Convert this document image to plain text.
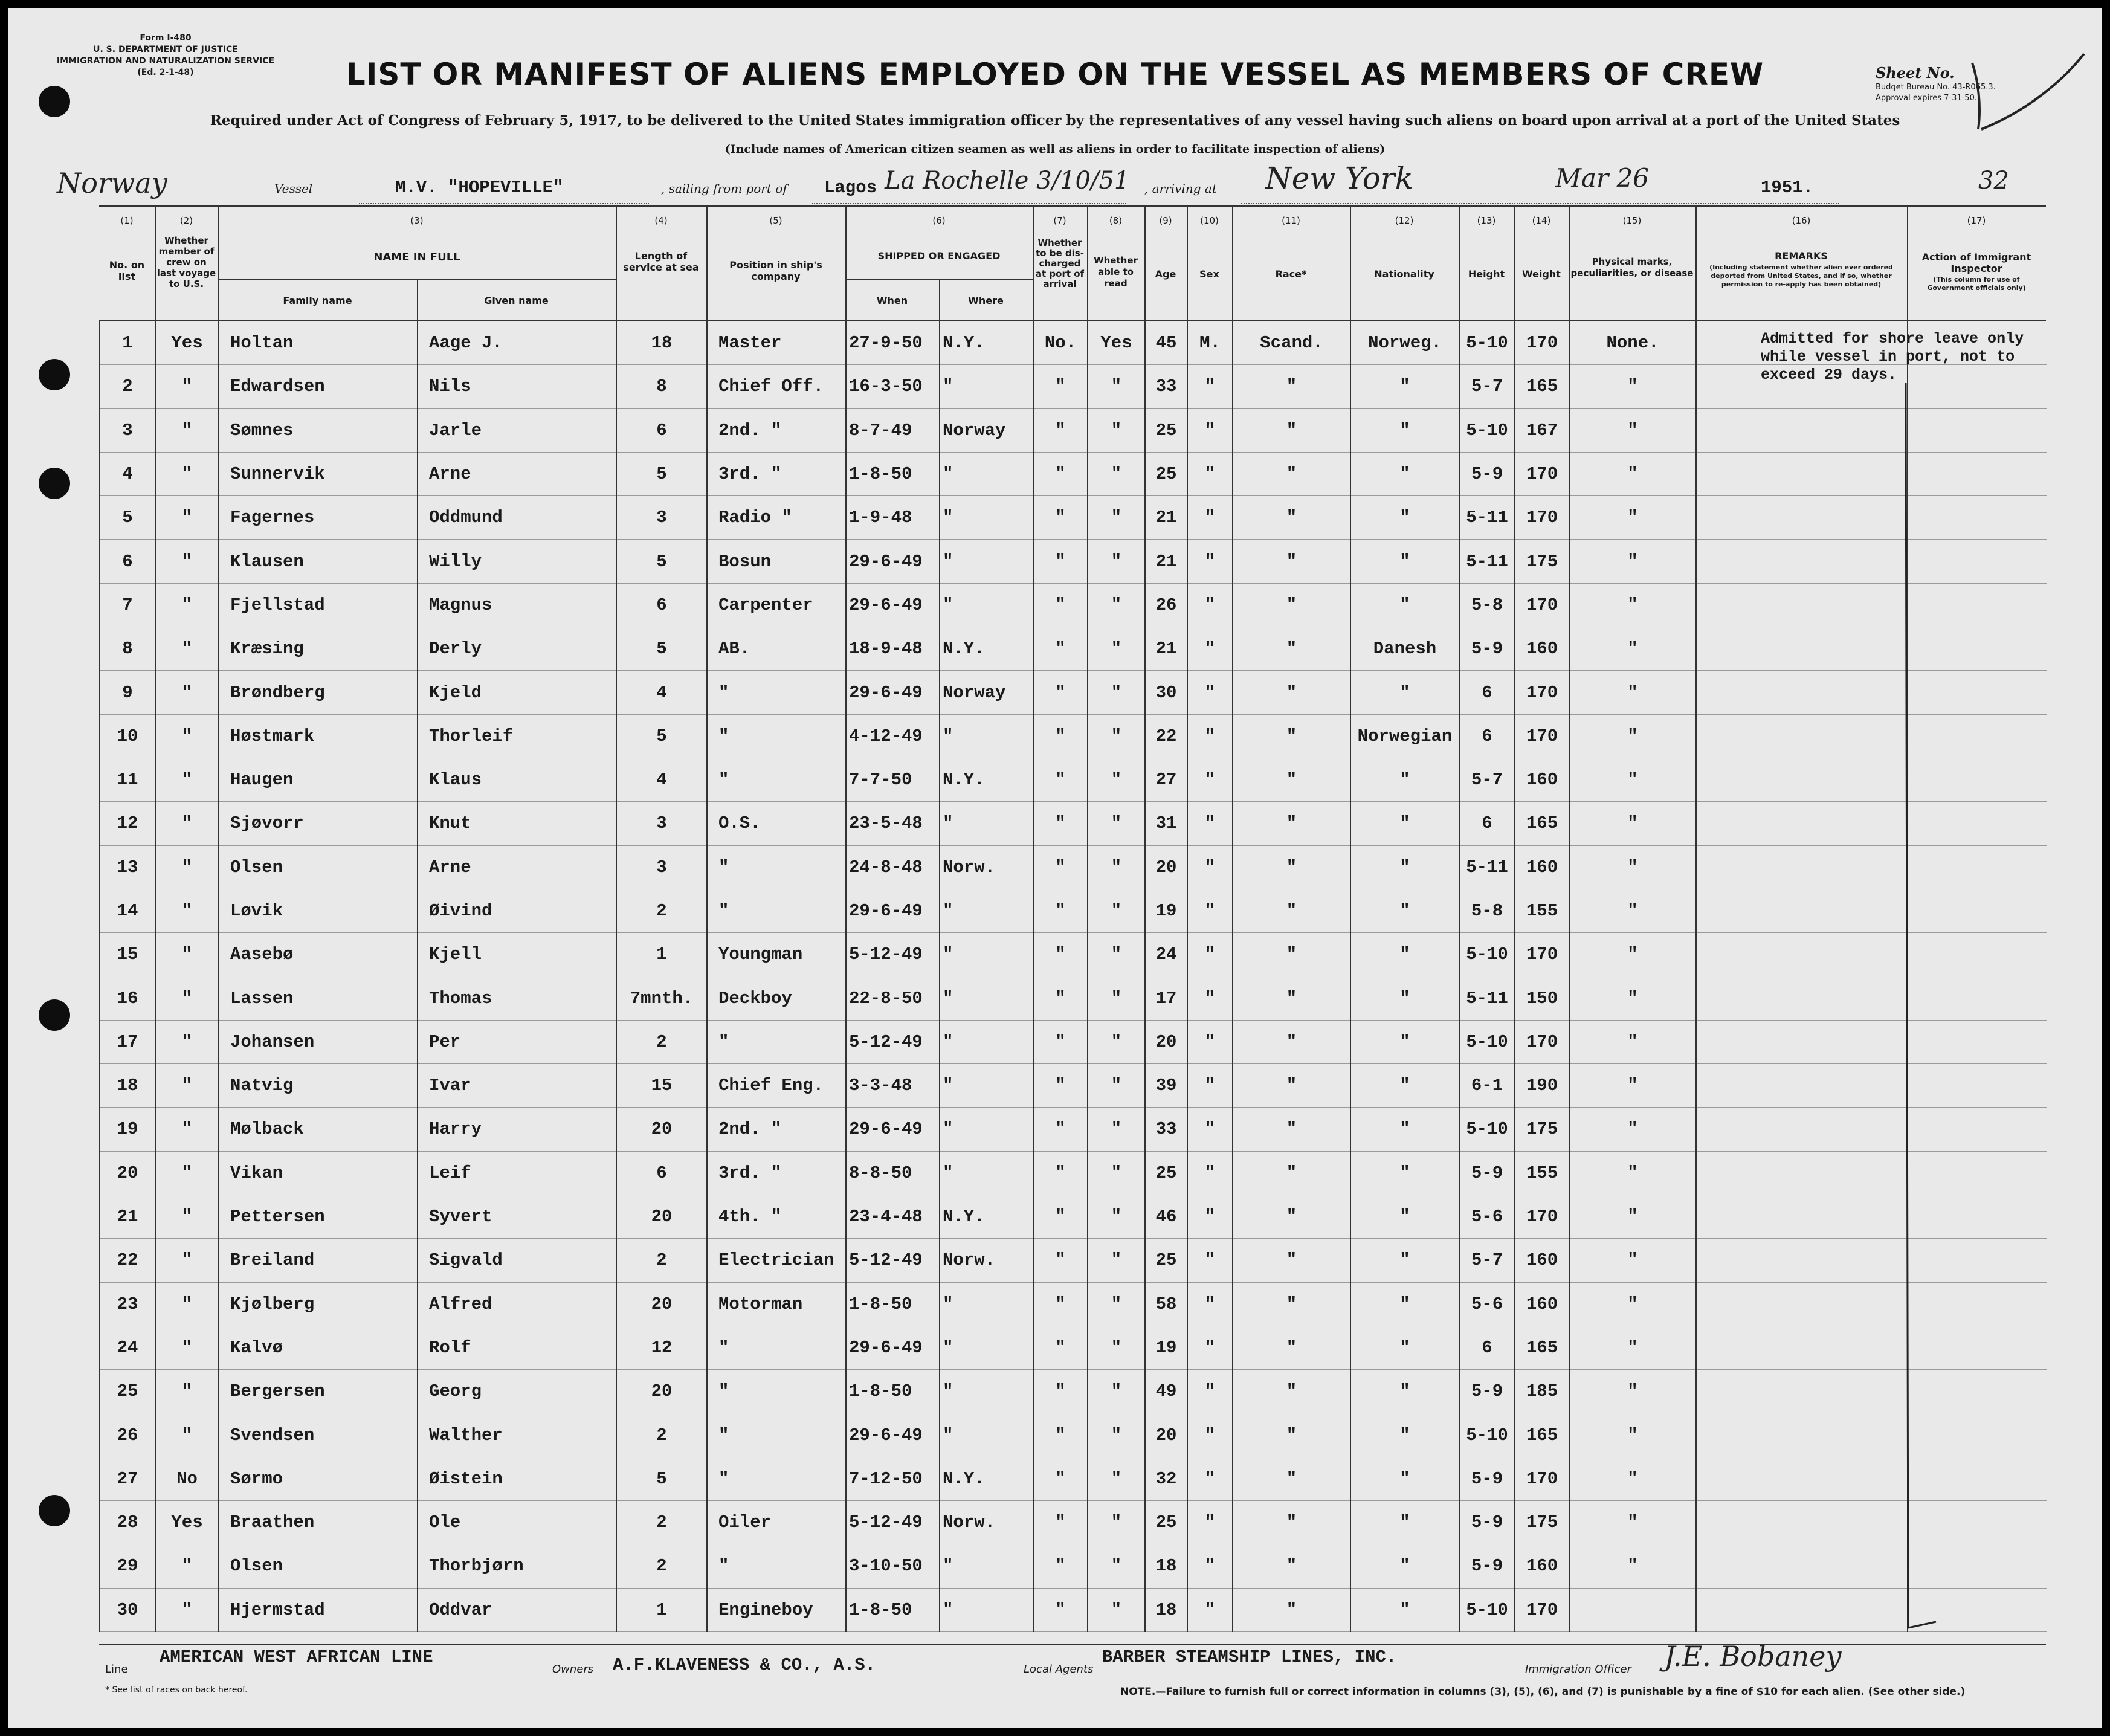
Form I-480
U. S. DEPARTMENT OF JUSTICE
IMMIGRATION AND NATURALIZATION SERVICE
(Ed. 2-1-48)	LIST OR MANIFEST OF ALIENS EMPLOYED ON THE VESSEL AS MEMBERS OF CREW
Required under Act of Congress of February 5, 1917, to be delivered to the United States immigration officer by the representatives of any vessel having such aliens on board upon arrival at a port of the United States
(Include names of American citizen seamen as well as aliens in order to facilitate inspection of aliens)
Sheet No.
Budget Bureau No. 43-R065.3.
Approval expires 7-31-50.
Norway	Vessel	M.V. "HOPEVILLE"	, sailing from port of Lagos La Rochelle 3/10/51 , arriving at New York	Mar 26	1951.	32
(1)	(2)	(3)	(4)	(5)	(6)	(7)	(8)	(9)	(10)	(11)	(12)	(13)	(14)	(15)	(16)	(17)
No. on list
Whether member of crew on last voyage to U.S.
NAME IN FULL
Family name	Given name
Length of service at sea	Position in ship's company
SHIPPED OR ENGAGED
When	Where
Whether to be dis-charged at port of arrival
Whether able to read
Age	Sex	Race*	Nationality	Height	Weight
Physical marks, peculiarities, or disease
REMARKS
(Including statement whether alien ever ordered deported from United States, and if so, whether permission to re-apply has been obtained)
Action of Immigrant Inspector
(This column for use of Government officials only)
1	Yes	Holtan	Aage J.	18	Master	27-9-50	N.Y.	No.	Yes	45	M.	Scand.	Norweg.	5-10	170	None.		
2	"	Edwardsen	Nils	8	Chief Off.	16-3-50	"	"	"	33	"	"	"	5-7	165	"		
3	"	Sømnes	Jarle	6	2nd. "	8-7-49	Norway	"	"	25	"	"	"	5-10	167	"		
4	"	Sunnervik	Arne	5	3rd. "	1-8-50	"	"	"	25	"	"	"	5-9	170	"		
5	"	Fagernes	Oddmund	3	Radio "	1-9-48	"	"	"	21	"	"	"	5-11	170	"		
6	"	Klausen	Willy	5	Bosun	29-6-49	"	"	"	21	"	"	"	5-11	175	"		
7	"	Fjellstad	Magnus	6	Carpenter	29-6-49	"	"	"	26	"	"	"	5-8	170	"		
8	"	Kræsing	Derly	5	AB.	18-9-48	N.Y.	"	"	21	"	"	Danesh	5-9	160	"		
9	"	Brøndberg	Kjeld	4	"	29-6-49	Norway	"	"	30	"	"	"	6	170	"		
10	"	Høstmark	Thorleif	5	"	4-12-49	"	"	"	22	"	"	Norwegian	6	170	"		
11	"	Haugen	Klaus	4	"	7-7-50	N.Y.	"	"	27	"	"	"	5-7	160	"		
12	"	Sjøvorr	Knut	3	O.S.	23-5-48	"	"	"	31	"	"	"	6	165	"		
13	"	Olsen	Arne	3	"	24-8-48	Norw.	"	"	20	"	"	"	5-11	160	"		
14	"	Løvik	Øivind	2	"	29-6-49	"	"	"	19	"	"	"	5-8	155	"		
15	"	Aasebø	Kjell	1	Youngman	5-12-49	"	"	"	24	"	"	"	5-10	170	"		
16	"	Lassen	Thomas	7mnth.	Deckboy	22-8-50	"	"	"	17	"	"	"	5-11	150	"		
17	"	Johansen	Per	2	"	5-12-49	"	"	"	20	"	"	"	5-10	170	"		
18	"	Natvig	Ivar	15	Chief Eng.	3-3-48	"	"	"	39	"	"	"	6-1	190	"		
19	"	Mølback	Harry	20	2nd. "	29-6-49	"	"	"	33	"	"	"	5-10	175	"		
20	"	Vikan	Leif	6	3rd. "	8-8-50	"	"	"	25	"	"	"	5-9	155	"		
21	"	Pettersen	Syvert	20	4th. "	23-4-48	N.Y.	"	"	46	"	"	"	5-6	170	"		
22	"	Breiland	Sigvald	2	Electrician	5-12-49	Norw.	"	"	25	"	"	"	5-7	160	"		
23	"	Kjølberg	Alfred	20	Motorman	1-8-50	"	"	"	58	"	"	"	5-6	160	"		
24	"	Kalvø	Rolf	12	"	29-6-49	"	"	"	19	"	"	"	6	165	"		
25	"	Bergersen	Georg	20	"	1-8-50	"	"	"	49	"	"	"	5-9	185	"		
26	"	Svendsen	Walther	2	"	29-6-49	"	"	"	20	"	"	"	5-10	165	"		
27	No	Sørmo	Øistein	5	"	7-12-50	N.Y.	"	"	32	"	"	"	5-9	170	"		
28	Yes	Braathen	Ole	2	Oiler	5-12-49	Norw.	"	"	25	"	"	"	5-9	175	"		
29	"	Olsen	Thorbjørn	2	"	3-10-50	"	"	"	18	"	"	"	5-9	160	"		
30	"	Hjermstad	Oddvar	1	Engineboy	1-8-50	"	"	"	18	"	"	"	5-10	170			
Admitted for shore leave only
while vessel in port, not to
exceed 29 days.
Line
AMERICAN WEST AFRICAN LINE
Owners A.F.KLAVENESS & CO., A.S.	Local Agents
BARBER STEAMSHIP LINES, INC.
Immigration Officer J.E. Bobaney
* See list of races on back hereof.	NOTE.—Failure to furnish full or correct information in columns (3), (5), (6), and (7) is punishable by a fine of $10 for each alien. (See other side.)
